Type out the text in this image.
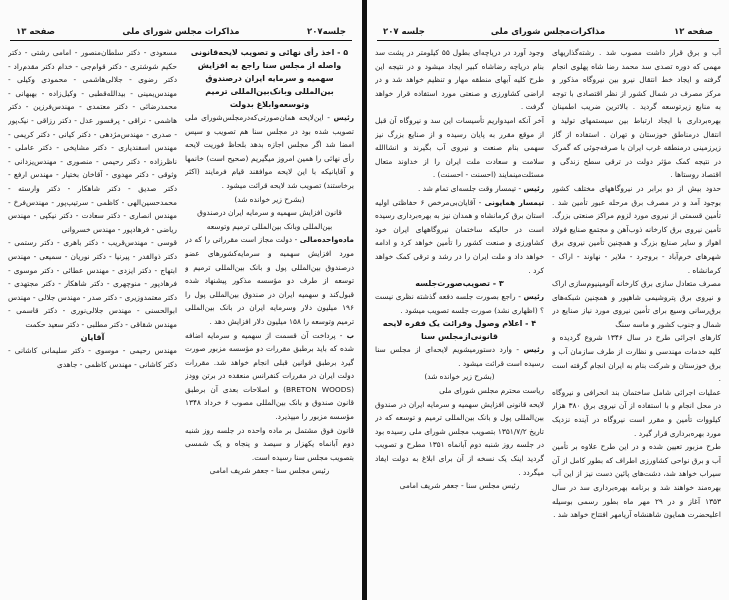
جلسه۲۰۷
مذاکرات مجلس شورای ملی
صفحه ۱۳

۵ - اخذ رأی نهائی و تصویب لایحه‌قانونی واصله از مجلس سنا راجع به افزایش سهمیه و سرمایه ایران درصندوق بین‌المللی وبانک‌بین‌المللی ترمیم وتوسعه‌وابلاغ بدولت

رئیس - این‌لایحه همان‌صورتی‌که‌درمجلس‌شورای ملی تصویب شده بود در مجلس سنا هم تصویب و سپس امضا شد اگر مجلس اجازه بدهد بلحاظ فوریت لایحه رأی نهائی را همین امروز میگیریم (صحیح است) خانمها و آقایانیکه با این لایحه موافقند قیام فرمایند (اکثر برخاستند) تصویب شد لایحه قرائت میشود .

(بشرح زیر خوانده شد)

قانون افزایش سهمیه و سرمایه ایران درصندوق بین‌المللی وبانک بین‌المللی ترمیم وتوسعه

ماده‌واحده‌مالی - دولت مجاز است مقرراتی را که در مورد افزایش سهمیه و سرمایه‌کشورهای عضو درصندوق بین‌المللی پول و بانک بین‌المللی ترمیم و توسعه از طرف دو مؤسسه مذکور پیشنهاد شده قبول‌کند و سهمیه ایران در صندوق بین‌المللی پول را ۱۹۶ میلیون دلار وسرمایه ایران در بانک بین‌المللی ترمیم وتوسعه را ۱۵۸ میلیون دلار افزایش دهد .

ب - پرداخت آن قسمت از سهمیه و سرمایه اضافه شده که باید برطبق مقررات دو مؤسسه مزبور صورت گیرد برطبق قوانین قبلی انجام خواهد شد. مقررات دولت ایران در مقررات کنفرانس منعقده در برتن وودز (BRETON WOODS) و اصلاحات بعدی آن برطبق قانون صندوق و بانک بین‌المللی مصوب ۶ خرداد ۱۳۴۸ مؤسسه مزبور را میپذیرد.

قانون فوق مشتمل بر ماده واحده در جلسه روز شنبه دوم آبانماه یکهزار و سیصد و پنجاه و یک شمسی بتصویب مجلس سنا رسیده است.

رئیس مجلس سنا - جعفر شریف امامی

مسعودی - دکتر سلطان‌منصور - امامی رشتی - دکتر حکیم شوشتری - دکتر قوام‌جی - خدام دکتر مقدم‌راد - دکتر رضوی - جلالی‌هاشمی - محمودی وکیلی - مهندس‌یمینی - بیدالله‌قطبی - وکیل‌زاده - بهبهانی - محمد‌رضائی - دکتر معتمدی - مهندس‌فرزین - دکتر هاشمی - نراقی - پرفسور عدل - دکتر رزاقی - نیک‌پور - صدری - مهندس‌مژدهی - دکتر کیانی - دکتر کریمی - مهندس‌ اسفندیاری - دکتر مشایخی - دکتر عاملی - ناظرزاده - دکتر رحیمی - منصوری - مهندس‌یزدانی - وثوقی - دکتر مهدوی - آقاخان بختیار - مهندس ارفع - دکتر صدیق - دکتر شاهکار - دکتر وارسته - محمد‌حسین‌الهی - کاظمی - سرتیپ‌پور - مهندس‌فرخ - مهندس‌ انصاری - دکتر سعادت - دکتر نیکپی - مهندس‌ ریاضی - فرهادپور - مهندس خسروانی

قوسی - مهندس‌قریب - دکتر باهری - دکتر رستمی - دکتر ذوالقدر - پیرنیا - دکتر نوریان - سمیعی - مهندس ابتهاج - دکتر ایزدی - مهندس‌ عطائی - دکتر موسوی - فرهادپور - منوچهری - دکتر شاهکار - دکتر مجتهدی - دکتر معتمدوزیری - دکتر صدر - مهندس‌ جلالی - مهندس ابوالحسنی - مهندس جلالی‌نوری - دکتر قاسمی - مهندس شقاقی - دکتر مطلبی - دکتر سعید حکمت

آقایان

مهندس‌ رحیمی - موسوی - دکتر سلیمانی کاشانی - دکتر کاشانی - مهندس کاظمی - جاهدی

صفحه ۱۲
مذاکرات‌مجلس شورای ملی
جلسه ۲۰۷

آب و برق قرار داشت مصوب شد . رشته‌گذاریهای مهمی که دوره تصدی سد محمد رضا شاه پهلوی انجام گرفته و ایجاد خط انتقال نیرو بین نیروگاه مذکور و مرکز مصرف در شمال کشور از نظر اقتصادی با توجه به منابع زیرتوسعه گردید . بالاترین ضریب اطمینان بهره‌برداری با ایجاد ارتباط بین سیستمهای تولید و انتقال درمناطق خوزستان و تهران . استفاده از گاز زیرزمینی درمنطقه غرب ایران با صرفه‌جوئی که گمرک در نتیجه کمک مؤثر دولت در ترقی سطح زندگی و اقتصاد روستاها .

حدود بیش از دو برابر در نیروگاههای مختلف کشور بوجود آمد و در مصرف برق مرحله عبور تأمین شد . تأمین قسمتی از نیروی مورد لزوم مراکز صنعتی بزرگ. تأمین نیروی برق کارخانه ذوب‌آهن و مجتمع صنایع فولاد اهواز و سایر صنایع بزرگ و همچنین تأمین نیروی برق شهرهای خرم‌آباد - بروجرد - ملایر - نهاوند - اراک - کرمانشاه .

مصرف متعادل سازی برق کارخانه آلومینیوم‌سازی اراک و نیروی برق پتروشیمی شاهپور و همچنین شبکه‌های برق‌رسانی وسیع برای تأمین نیروی مورد نیاز صنایع در شمال و جنوب کشور و ماسه سنگ

کارهای اجرائی طرح در سال ۱۳۴۶ شروع گردیده و کلیه خدمات مهندسی و نظارت از طرف سازمان آب و برق خوزستان و شرکت بنام به ایران انجام گرفته است .

عملیات اجرائی شامل ساختمان بند انحرافی و نیروگاه در محل انجام و با استفاده از آن نیروی برق ۳۸۰ هزار کیلووات تأمین و مقرر است نیروگاه در آینده نزدیک مورد بهره‌برداری قرار گیرد .

طرح مزبور تعیین شده و در این طرح علاوه بر تأمین آب و برق نواحی کشاورزی اطراف که بطور کامل از آن سیراب خواهد شد، دشت‌های پائین دست نیز از این آب بهره‌مند خواهند شد و برنامه بهره‌برداری سد در سال ۱۳۵۳ آغاز و در ۲۹ مهر ماه بطور رسمی بوسیله اعلیحضرت همایون شاهنشاه آریامهر افتتاح خواهد شد .

وجود آورد در دریاچه‌ای بطول ۵۵ کیلومتر در پشت سد بنام دریاچه رضاشاه کبیر ایجاد میشود و در نتیجه این طرح کلیه آبهای منطقه مهار و تنظیم خواهد شد و در اراضی کشاورزی و صنعتی مورد استفاده قرار خواهد گرفت .

آخر آنکه امیدواریم تأسیسات این سد و نیروگاه آن قبل از موقع مقرر به پایان رسیده و از صنایع بزرگ نیز سهمی بنام صنعت و نیروی آب بگیرند و انشاالله سلامت و سعادت ملت ایران را از خداوند متعال مسئلت‌مینمایند (احسنت - احسنت) .

رئیس - تیمسار وقت جلسه‌ای تمام شد .

تیمسار همایونی - آقایان‌بی‌مرخص ۶ حفاظتی اولیه استان برق کرمانشاه و همدان نیز به بهره‌برداری رسیده است در حالیکه ساختمان نیروگاههای ایران خود کشاورزی و صنعت کشور را تأمین خواهد کرد و ادامه خواهد داد و ملت ایران را در رشد و ترقی کمک خواهد کرد .

۳ - تصویب‌صورت‌جلسه

رئیس - راجع بصورت جلسه دفعه گذشته نظری نیست ؟ (اظهاری نشد) صورت جلسه تصویب میشود .

۴ - اعلام وصول وقرائت یک فقره لایحه قانونی‌ازمجلس سنا

رئیس - وارد دستورمیشویم لایحه‌ای از مجلس سنا رسیده است قرائت میشود .

(بشرح زیر خوانده شد)

ریاست محترم مجلس شورای ملی

لایحه قانونی افزایش سهمیه و سرمایه ایران در صندوق بین‌المللی پول و بانک بین‌المللی ترمیم و توسعه که در تاریخ ۱۳۵۱/۷/۲ بتصویب مجلس شورای ملی رسیده بود در جلسه روز شنبه دوم آبانماه ۱۳۵۱ مطرح و تصویب گردید اینک یک نسخه از آن برای ابلاغ به دولت ایفاد میگردد .

رئیس مجلس سنا - جعفر شریف امامی
